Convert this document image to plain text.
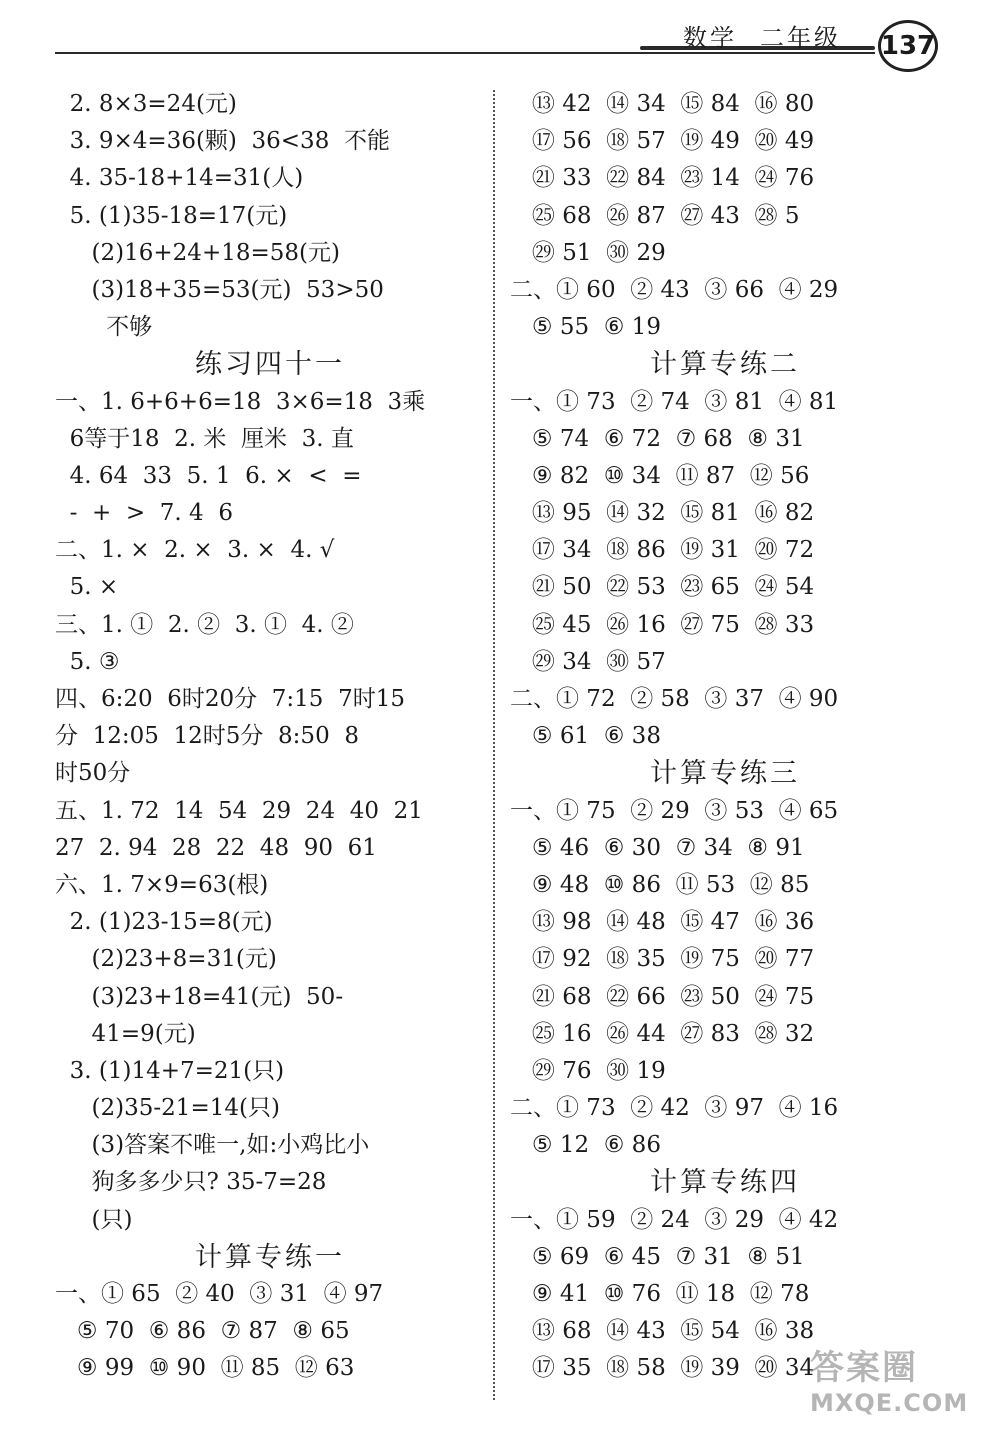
数学 二年级 137
2. 8×3=24(元)
3. 9×4=36(颗)  36<38  不能
4. 35-18+14=31(人)
5. (1)35-18=17(元)
(2)16+24+18=58(元)
(3)18+35=53(元)  53>50
不够
练习四十一
一、1. 6+6+6=18  3×6=18  3乘
6等于18  2. 米  厘米  3. 直
4. 64  33  5. 1  6. ×  <  =
-  +  >  7. 4  6
二、1. ×  2. ×  3. ×  4. √
5. ×
三、1. ①  2. ②  3. ①  4. ②
5. ③
四、6:20  6时20分  7:15  7时15
分  12:05  12时5分  8:50  8
时50分
五、1. 72  14  54  29  24  40  21
27  2. 94  28  22  48  90  61
六、1. 7×9=63(根)
2. (1)23-15=8(元)
(2)23+8=31(元)
(3)23+18=41(元)  50-
41=9(元)
3. (1)14+7=21(只)
(2)35-21=14(只)
(3)答案不唯一,如:小鸡比小
狗多多少只? 35-7=28
(只)
计算专练一
一、① 65  ② 40  ③ 31  ④ 97
⑤ 70  ⑥ 86  ⑦ 87  ⑧ 65
⑨ 99  ⑩ 90  ⑪ 85  ⑫ 63
⑬ 42  ⑭ 34  ⑮ 84  ⑯ 80
⑰ 56  ⑱ 57  ⑲ 49  ⑳ 49
㉑ 33  ㉒ 84  ㉓ 14  ㉔ 76
㉕ 68  ㉖ 87  ㉗ 43  ㉘ 5
㉙ 51  ㉚ 29
二、① 60  ② 43  ③ 66  ④ 29
⑤ 55  ⑥ 19
计算专练二
一、① 73  ② 74  ③ 81  ④ 81
⑤ 74  ⑥ 72  ⑦ 68  ⑧ 31
⑨ 82  ⑩ 34  ⑪ 87  ⑫ 56
⑬ 95  ⑭ 32  ⑮ 81  ⑯ 82
⑰ 34  ⑱ 86  ⑲ 31  ⑳ 72
㉑ 50  ㉒ 53  ㉓ 65  ㉔ 54
㉕ 45  ㉖ 16  ㉗ 75  ㉘ 33
㉙ 34  ㉚ 57
二、① 72  ② 58  ③ 37  ④ 90
⑤ 61  ⑥ 38
计算专练三
一、① 75  ② 29  ③ 53  ④ 65
⑤ 46  ⑥ 30  ⑦ 34  ⑧ 91
⑨ 48  ⑩ 86  ⑪ 53  ⑫ 85
⑬ 98  ⑭ 48  ⑮ 47  ⑯ 36
⑰ 92  ⑱ 35  ⑲ 75  ⑳ 77
㉑ 68  ㉒ 66  ㉓ 50  ㉔ 75
㉕ 16  ㉖ 44  ㉗ 83  ㉘ 32
㉙ 76  ㉚ 19
二、① 73  ② 42  ③ 97  ④ 16
⑤ 12  ⑥ 86
计算专练四
一、① 59  ② 24  ③ 29  ④ 42
⑤ 69  ⑥ 45  ⑦ 31  ⑧ 51
⑨ 41  ⑩ 76  ⑪ 18  ⑫ 78
⑬ 68  ⑭ 43  ⑮ 54  ⑯ 38
⑰ 35  ⑱ 58  ⑲ 39  ⑳ 34
答案圈
MXQE.COM
